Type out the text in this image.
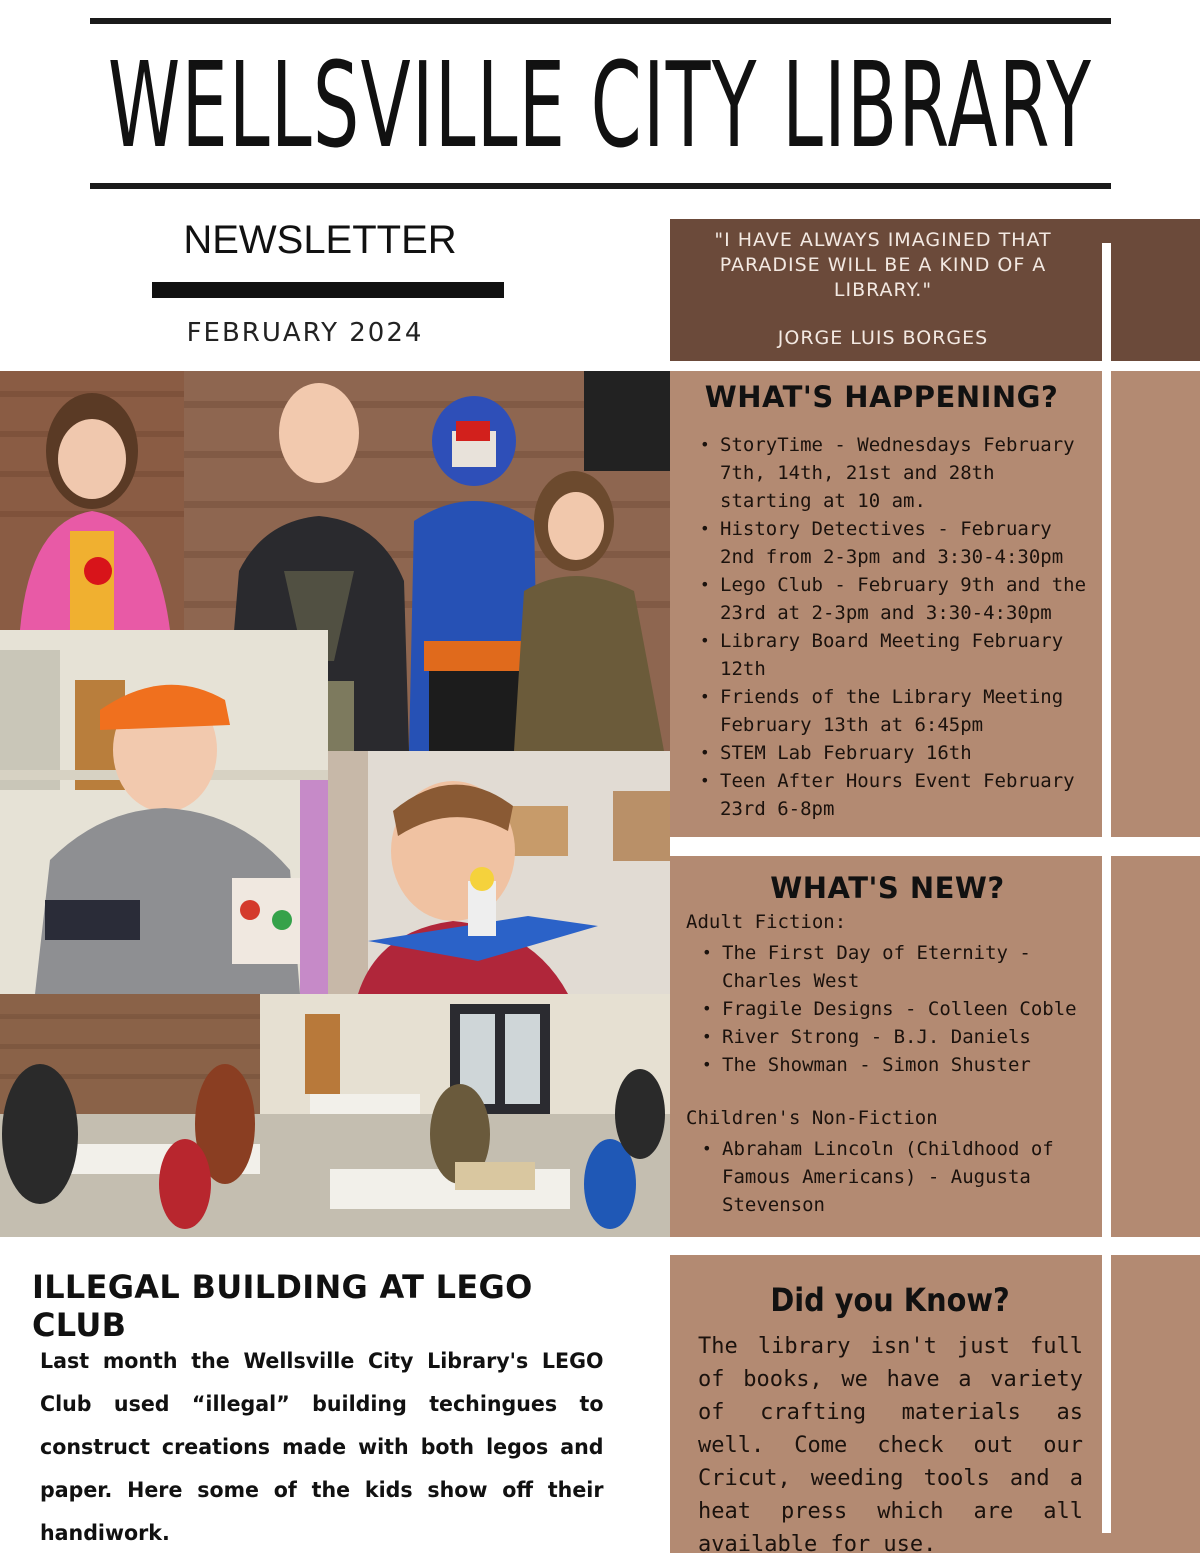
WELLSVILLE CITY LIBRARY
NEWSLETTER
FEBRUARY 2024
"I HAVE ALWAYS IMAGINED THAT PARADISE WILL BE A KIND OF A LIBRARY."
JORGE LUIS BORGES
WHAT'S HAPPENING?
• StoryTime - Wednesdays February 7th, 14th, 21st and 28th starting at 10 am.
• History Detectives - February 2nd from 2-3pm and 3:30-4:30pm
• Lego Club - February 9th and the 23rd at 2-3pm and 3:30-4:30pm
• Library Board Meeting February 12th
• Friends of the Library Meeting February 13th at 6:45pm
• STEM Lab February 16th
• Teen After Hours Event February 23rd 6-8pm
WHAT'S NEW?
Adult Fiction:
• The First Day of Eternity - Charles West
• Fragile Designs - Colleen Coble
• River Strong - B.J. Daniels
• The Showman - Simon Shuster
Children's Non-Fiction
• Abraham Lincoln (Childhood of Famous Americans) - Augusta Stevenson
Did you Know?
The library isn't just full of books, we have a variety of crafting materials as well. Come check out our Cricut, weeding tools and a heat press which are all available for use.
ILLEGAL BUILDING AT LEGO CLUB
Last month the Wellsville City Library's LEGO Club used “illegal” building techingues to construct creations made with both legos and paper. Here some of the kids show off their handiwork.
